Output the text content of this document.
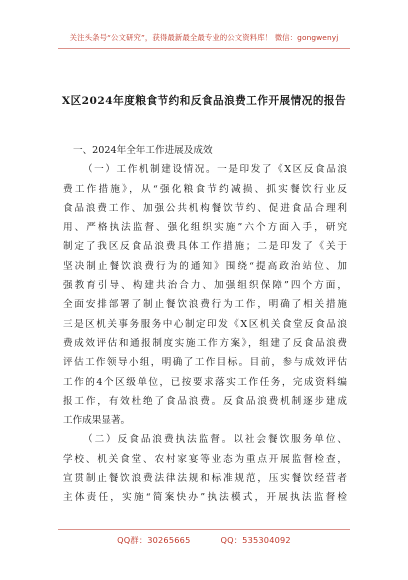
关注头条号“公文研究”，获得最新最全最专业的公文资料库！ 微信：gongwenyj
X区2024年度粮食节约和反食品浪费工作开展情况的报告
一、2024年全年工作进展及成效
（一）工作机制建设情况。一是印发了《X区反食品浪
费工作措施》，从“强化粮食节约减损、抓实餐饮行业反
食品浪费工作、加强公共机构餐饮节约、促进食品合理利
用、严格执法监督、强化组织实施”六个方面入手，研究
制定了我区反食品浪费具体工作措施；二是印发了《关于
坚决制止餐饮浪费行为的通知》围绕“提高政治站位、加
强教育引导、构建共治合力、加强组织保障”四个方面，
全面安排部署了制止餐饮浪费行为工作，明确了相关措施
三是区机关事务服务中心制定印发《X区机关食堂反食品浪
费成效评估和通报制度实施工作方案》，组建了反食品浪费
评估工作领导小组，明确了工作目标。目前，参与成效评估
工作的4个区级单位，已按要求落实工作任务，完成资料编
报工作，有效杜绝了食品浪费。反食品浪费机制逐步建成
工作成果显著。
（二）反食品浪费执法监督。以社会餐饮服务单位、
学校、机关食堂、农村家宴等业态为重点开展监督检查，
宣贯制止餐饮浪费法律法规和标准规范，压实餐饮经营者
主体责任，实施“简案快办”执法模式，开展执法监督检
QQ群：30265665	QQ：535304092
